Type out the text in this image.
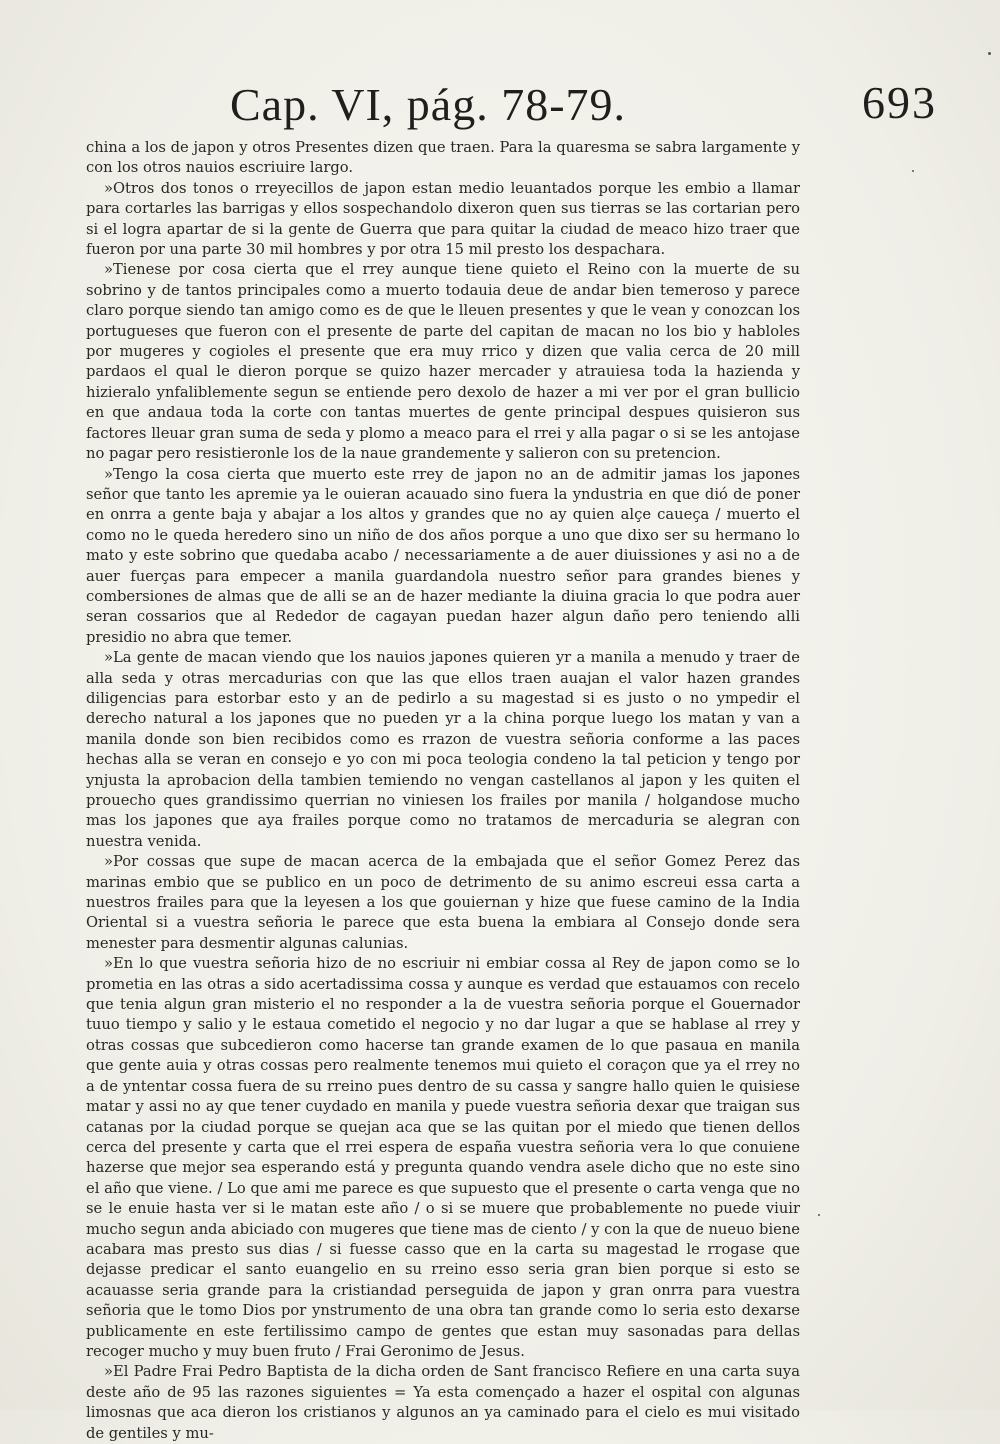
Cap. VI, pág. 78-79.	693

china a los de japon y otros Presentes dizen que traen. Para la quaresma se sabra largamente y con los otros nauios escriuire largo.

»Otros dos tonos o rreyecillos de japon estan medio leuantados porque les embio a llamar para cortarles las barrigas y ellos sospechandolo dixeron quen sus tierras se las cortarian pero si el logra apartar de si la gente de Guerra que para quitar la ciudad de meaco hizo traer que fueron por una parte 30 mil hombres y por otra 15 mil presto los despachara.

»Tienese por cosa cierta que el rrey aunque tiene quieto el Reino con la muerte de su sobrino y de tantos principales como a muerto todauia deue de andar bien temeroso y parece claro porque siendo tan amigo como es de que le lleuen presentes y que le vean y conozcan los portugueses que fueron con el presente de parte del capitan de macan no los bio y habloles por mugeres y cogioles el presente que era muy rrico y dizen que valia cerca de 20 mill pardaos el qual le dieron porque se quizo hazer mercader y atrauiesa toda la hazienda y hizieralo ynfaliblemente segun se entiende pero dexolo de hazer a mi ver por el gran bullicio en que andaua toda la corte con tantas muertes de gente principal despues quisieron sus factores lleuar gran suma de seda y plomo a meaco para el rrei y alla pagar o si se les antojase no pagar pero resistieronle los de la naue grandemente y salieron con su pretencion.

»Tengo la cosa cierta que muerto este rrey de japon no an de admitir jamas los japones señor que tanto les apremie ya le ouieran acauado sino fuera la yndustria en que dió de poner en onrra a gente baja y abajar a los altos y grandes que no ay quien alçe caueça / muerto el como no le queda heredero sino un niño de dos años porque a uno que dixo ser su hermano lo mato y este sobrino que quedaba acabo / necessariamente a de auer diuissiones y asi no a de auer fuerças para empecer a manila guardandola nuestro señor para grandes bienes y combersiones de almas que de alli se an de hazer mediante la diuina gracia lo que podra auer seran cossarios que al Rededor de cagayan puedan hazer algun daño pero teniendo alli presidio no abra que temer.

»La gente de macan viendo que los nauios japones quieren yr a manila a menudo y traer de alla seda y otras mercadurias con que las que ellos traen auajan el valor hazen grandes diligencias para estorbar esto y an de pedirlo a su magestad si es justo o no ympedir el derecho natural a los japones que no pueden yr a la china porque luego los matan y van a manila donde son bien recibidos como es rrazon de vuestra señoria conforme a las paces hechas alla se veran en consejo e yo con mi poca teologia condeno la tal peticion y tengo por ynjusta la aprobacion della tambien temiendo no vengan castellanos al japon y les quiten el prouecho ques grandissimo querrian no viniesen los frailes por manila / holgandose mucho mas los japones que aya frailes porque como no tratamos de mercaduria se alegran con nuestra venida.

»Por cossas que supe de macan acerca de la embajada que el señor Gomez Perez das marinas embio que se publico en un poco de detrimento de su animo escreui essa carta a nuestros frailes para que la leyesen a los que gouiernan y hize que fuese camino de la India Oriental si a vuestra señoria le parece que esta buena la embiara al Consejo donde sera menester para desmentir algunas calunias.

»En lo que vuestra señoria hizo de no escriuir ni embiar cossa al Rey de japon como se lo prometia en las otras a sido acertadissima cossa y aunque es verdad que estauamos con recelo que tenia algun gran misterio el no responder a la de vuestra señoria porque el Gouernador tuuo tiempo y salio y le estaua cometido el negocio y no dar lugar a que se hablase al rrey y otras cossas que subcedieron como hacerse tan grande examen de lo que pasaua en manila que gente auia y otras cossas pero realmente tenemos mui quieto el coraçon que ya el rrey no a de yntentar cossa fuera de su rreino pues dentro de su cassa y sangre hallo quien le quisiese matar y assi no ay que tener cuydado en manila y puede vuestra señoria dexar que traigan sus catanas por la ciudad porque se quejan aca que se las quitan por el miedo que tienen dellos cerca del presente y carta que el rrei espera de españa vuestra señoria vera lo que conuiene hazerse que mejor sea esperando está y pregunta quando vendra asele dicho que no este sino el año que viene. / Lo que ami me parece es que supuesto que el presente o carta venga que no se le enuie hasta ver si le matan este año / o si se muere que probablemente no puede viuir mucho segun anda abiciado con mugeres que tiene mas de ciento / y con la que de nueuo biene acabara mas presto sus dias / si fuesse casso que en la carta su magestad le rrogase que dejasse predicar el santo euangelio en su rreino esso seria gran bien porque si esto se acauasse seria grande para la cristiandad perseguida de japon y gran onrra para vuestra señoria que le tomo Dios por ynstrumento de una obra tan grande como lo seria esto dexarse publicamente en este fertilissimo campo de gentes que estan muy sasonadas para dellas recoger mucho y muy buen fruto / Frai Geronimo de Jesus.

»El Padre Frai Pedro Baptista de la dicha orden de Sant francisco Refiere en una carta suya deste año de 95 las razones siguientes = Ya esta començado a hazer el ospital con algunas limosnas que aca dieron los cristianos y algunos an ya caminado para el cielo es mui visitado de gentiles y mu-
